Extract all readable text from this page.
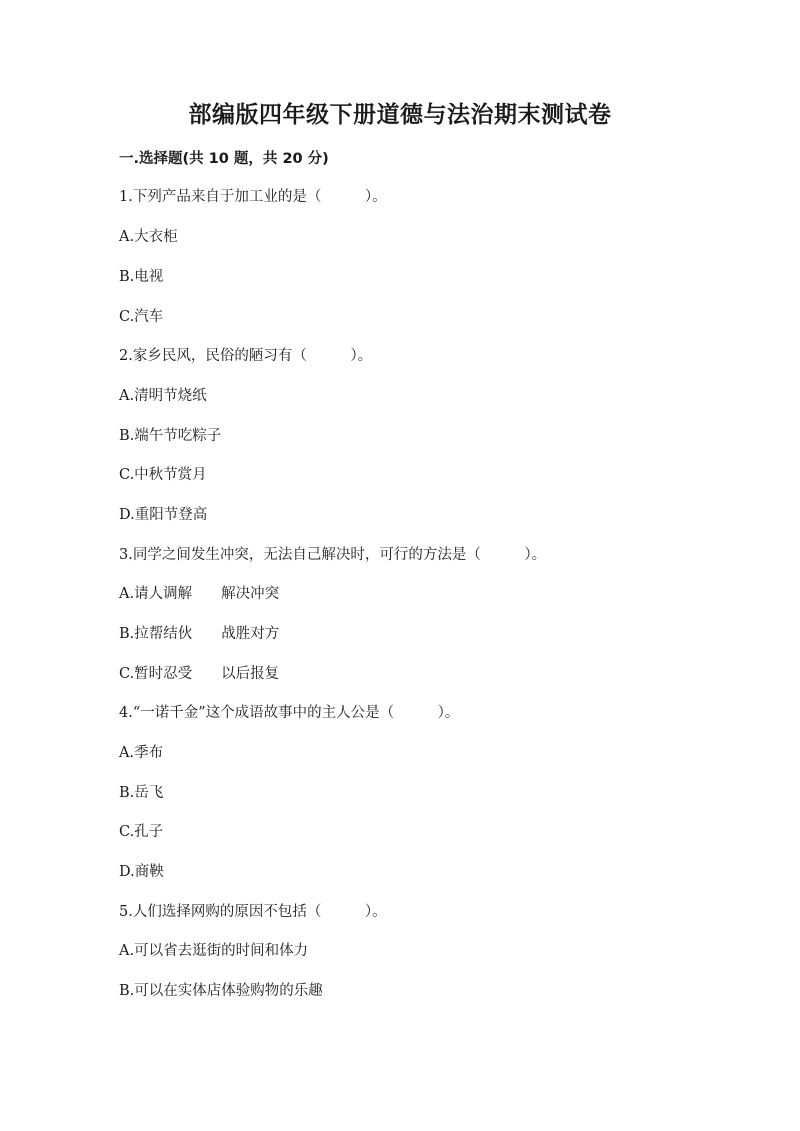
部编版四年级下册道德与法治期末测试卷
一.选择题(共 10 题，共 20 分)
1.下列产品来自于加工业的是（　　　）。
A.大衣柜
B.电视
C.汽车
2.家乡民风，民俗的陋习有（　　　）。
A.清明节烧纸
B.端午节吃粽子
C.中秋节赏月
D.重阳节登高
3.同学之间发生冲突，无法自己解决时，可行的方法是（　　　）。
A.请人调解　　解决冲突
B.拉帮结伙　　战胜对方
C.暂时忍受　　以后报复
4.“一诺千金”这个成语故事中的主人公是（　　　）。
A.季布
B.岳飞
C.孔子
D.商鞅
5.人们选择网购的原因不包括（　　　）。
A.可以省去逛街的时间和体力
B.可以在实体店体验购物的乐趣
